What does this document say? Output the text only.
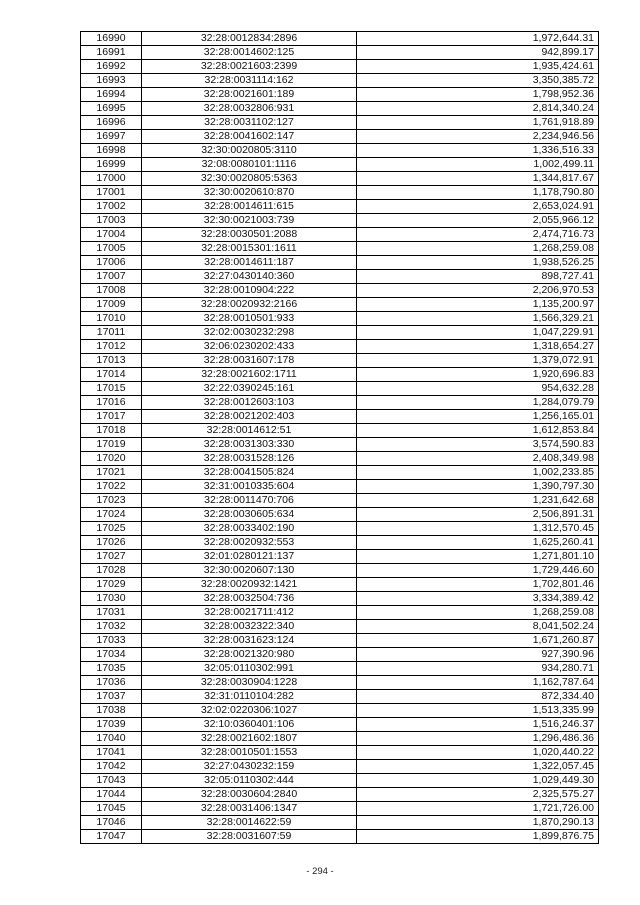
16990	32:28:0012834:2896	1,972,644.31
16991	32:28:0014602:125	942,899.17
16992	32:28:0021603:2399	1,935,424.61
16993	32:28:0031114:162	3,350,385.72
16994	32:28:0021601:189	1,798,952.36
16995	32:28:0032806:931	2,814,340.24
16996	32:28:0031102:127	1,761,918.89
16997	32:28:0041602:147	2,234,946.56
16998	32:30:0020805:3110	1,336,516.33
16999	32:08:0080101:1116	1,002,499.11
17000	32:30:0020805:5363	1,344,817.67
17001	32:30:0020610:870	1,178,790.80
17002	32:28:0014611:615	2,653,024.91
17003	32:30:0021003:739	2,055,966.12
17004	32:28:0030501:2088	2,474,716.73
17005	32:28:0015301:1611	1,268,259.08
17006	32:28:0014611:187	1,938,526.25
17007	32:27:0430140:360	898,727.41
17008	32:28:0010904:222	2,206,970.53
17009	32:28:0020932:2166	1,135,200.97
17010	32:28:0010501:933	1,566,329.21
17011	32:02:0030232:298	1,047,229.91
17012	32:06:0230202:433	1,318,654.27
17013	32:28:0031607:178	1,379,072.91
17014	32:28:0021602:1711	1,920,696.83
17015	32:22:0390245:161	954,632.28
17016	32:28:0012603:103	1,284,079.79
17017	32:28:0021202:403	1,256,165.01
17018	32:28:0014612:51	1,612,853.84
17019	32:28:0031303:330	3,574,590.83
17020	32:28:0031528:126	2,408,349.98
17021	32:28:0041505:824	1,002,233.85
17022	32:31:0010335:604	1,390,797.30
17023	32:28:0011470:706	1,231,642.68
17024	32:28:0030605:634	2,506,891.31
17025	32:28:0033402:190	1,312,570.45
17026	32:28:0020932:553	1,625,260.41
17027	32:01:0280121:137	1,271,801.10
17028	32:30:0020607:130	1,729,446.60
17029	32:28:0020932:1421	1,702,801.46
17030	32:28:0032504:736	3,334,389.42
17031	32:28:0021711:412	1,268,259.08
17032	32:28:0032322:340	8,041,502.24
17033	32:28:0031623:124	1,671,260.87
17034	32:28:0021320:980	927,390.96
17035	32:05:0110302:991	934,280.71
17036	32:28:0030904:1228	1,162,787.64
17037	32:31:0110104:282	872,334.40
17038	32:02:0220306:1027	1,513,335.99
17039	32:10:0360401:106	1,516,246.37
17040	32:28:0021602:1807	1,296,486.36
17041	32:28:0010501:1553	1,020,440.22
17042	32:27:0430232:159	1,322,057.45
17043	32:05:0110302:444	1,029,449.30
17044	32:28:0030604:2840	2,325,575.27
17045	32:28:0031406:1347	1,721,726.00
17046	32:28:0014622:59	1,870,290.13
17047	32:28:0031607:59	1,899,876.75
- 294 -
